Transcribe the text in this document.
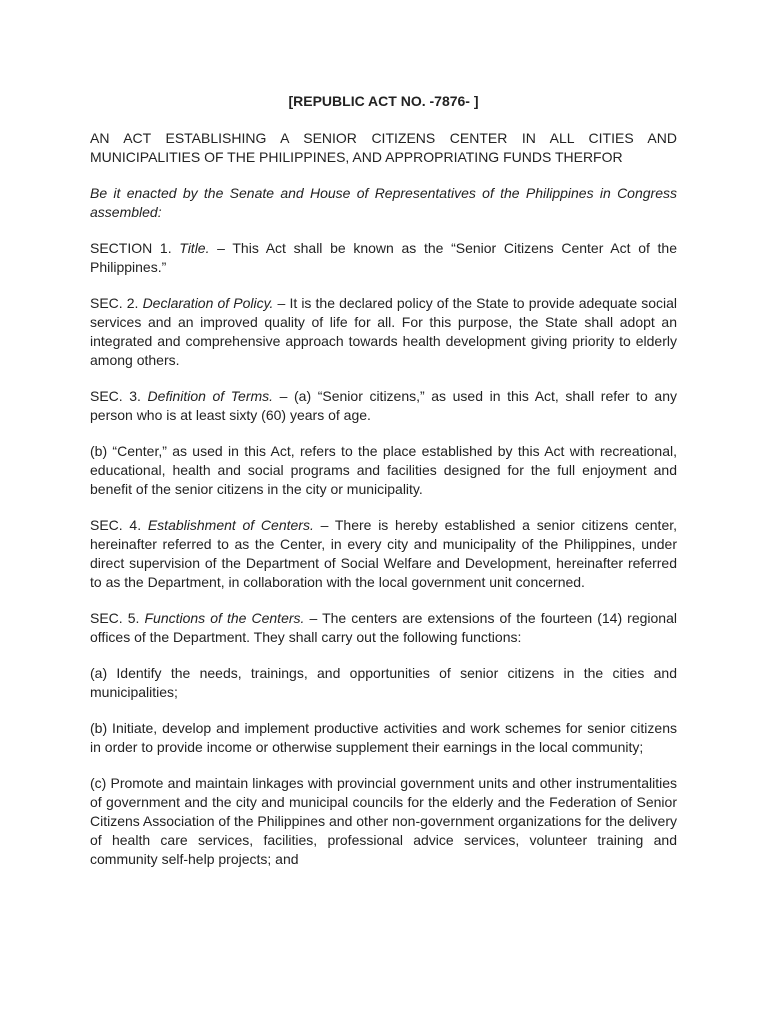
[REPUBLIC ACT NO. -7876- ]

AN ACT ESTABLISHING A SENIOR CITIZENS CENTER IN ALL CITIES AND MUNICIPALITIES OF THE PHILIPPINES, AND APPROPRIATING FUNDS THERFOR

Be it enacted by the Senate and House of Representatives of the Philippines in Congress assembled:

SECTION 1. Title. – This Act shall be known as the “Senior Citizens Center Act of the Philippines.”

SEC. 2. Declaration of Policy. – It is the declared policy of the State to provide adequate social services and an improved quality of life for all. For this purpose, the State shall adopt an integrated and comprehensive approach towards health development giving priority to elderly among others.

SEC. 3. Definition of Terms. – (a) “Senior citizens,” as used in this Act, shall refer to any person who is at least sixty (60) years of age.

(b) “Center,” as used in this Act, refers to the place established by this Act with recreational, educational, health and social programs and facilities designed for the full enjoyment and benefit of the senior citizens in the city or municipality.

SEC. 4. Establishment of Centers. – There is hereby established a senior citizens center, hereinafter referred to as the Center, in every city and municipality of the Philippines, under direct supervision of the Department of Social Welfare and Development, hereinafter referred to as the Department, in collaboration with the local government unit concerned.

SEC. 5. Functions of the Centers. – The centers are extensions of the fourteen (14) regional offices of the Department. They shall carry out the following functions:

(a) Identify the needs, trainings, and opportunities of senior citizens in the cities and municipalities;

(b) Initiate, develop and implement productive activities and work schemes for senior citizens in order to provide income or otherwise supplement their earnings in the local community;

(c) Promote and maintain linkages with provincial government units and other instrumentalities of government and the city and municipal councils for the elderly and the Federation of Senior Citizens Association of the Philippines and other non-government organizations for the delivery of health care services, facilities, professional advice services, volunteer training and community self-help projects; and
